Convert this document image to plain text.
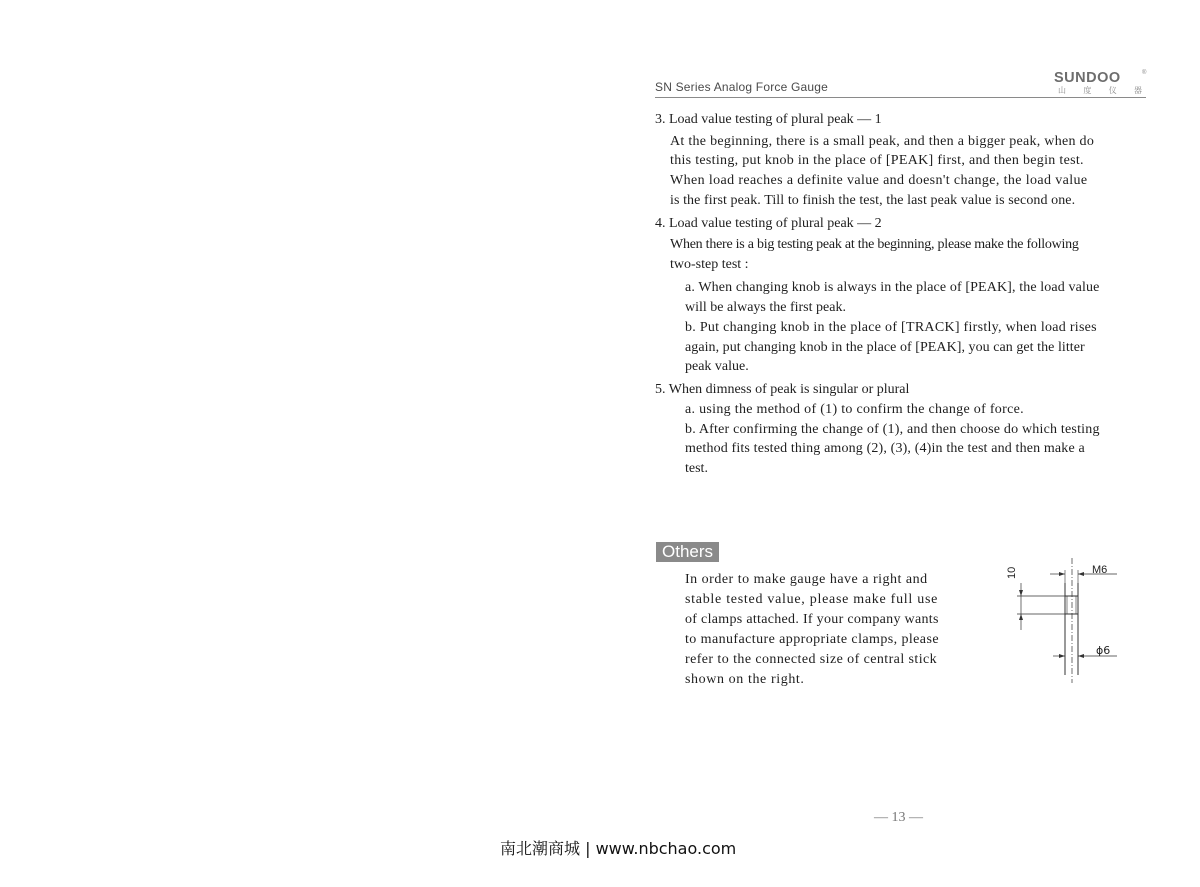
SN Series Analog Force Gauge
SUNDOO	®
山 度 仪 器
3. Load value testing of plural peak — 1
At the beginning, there is a small peak, and then a bigger peak, when do
this testing, put knob in the place of [PEAK] first, and then begin test.
When load reaches a definite value and doesn't change, the load value
is the first peak. Till to finish the test, the last peak value is second one.
4. Load value testing of plural peak — 2
When there is a big testing peak at the beginning, please make the following
two-step test :
a. When changing knob is always in the place of [PEAK], the load value
will be always the first peak.
b. Put changing knob in the place of [TRACK] firstly, when load rises
again, put changing knob in the place of [PEAK], you can get the litter
peak value.
5. When dimness of peak is singular or plural
a. using the method of (1) to confirm the change of force.
b. After confirming the change of (1), and then choose do which testing
method fits tested thing among (2), (3), (4)in the test and then make a
test.
Others
In order to make gauge have a right and
stable tested value, please make full use
of clamps attached. If your company wants
to manufacture appropriate clamps, please
refer to the connected size of central stick
shown on the right.
M6
ϕ6
10
— 13 —
南北潮商城 | www.nbchao.com
